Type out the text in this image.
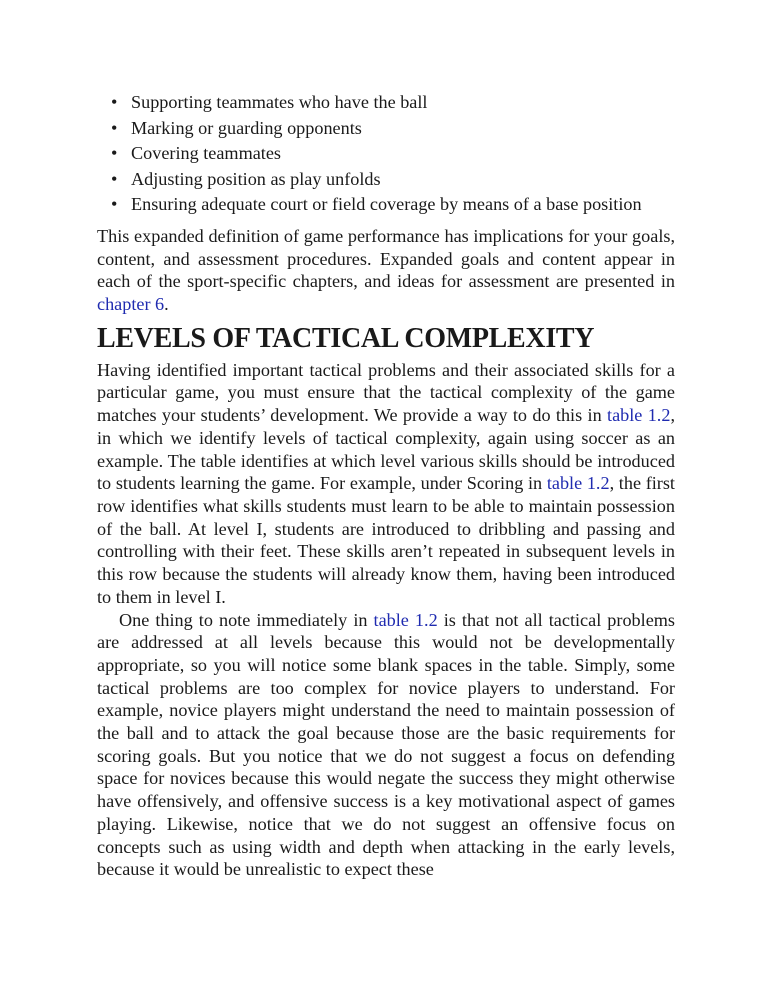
• Supporting teammates who have the ball
• Marking or guarding opponents
• Covering teammates
• Adjusting position as play unfolds
• Ensuring adequate court or field coverage by means of a base position

This expanded definition of game performance has implications for your goals, content, and assessment procedures. Expanded goals and content appear in each of the sport-specific chapters, and ideas for assessment are presented in chapter 6.

LEVELS OF TACTICAL COMPLEXITY

Having identified important tactical problems and their associated skills for a particular game, you must ensure that the tactical complexity of the game matches your students’ development. We provide a way to do this in table 1.2, in which we identify levels of tactical complexity, again using soccer as an example. The table identifies at which level various skills should be introduced to students learning the game. For example, under Scoring in table 1.2, the first row identifies what skills students must learn to be able to maintain possession of the ball. At level I, students are introduced to dribbling and passing and controlling with their feet. These skills aren’t repeated in subsequent levels in this row because the students will already know them, having been introduced to them in level I.

One thing to note immediately in table 1.2 is that not all tactical problems are addressed at all levels because this would not be developmentally appropriate, so you will notice some blank spaces in the table. Simply, some tactical problems are too complex for novice players to understand. For example, novice players might understand the need to maintain possession of the ball and to attack the goal because those are the basic requirements for scoring goals. But you notice that we do not suggest a focus on defending space for novices because this would negate the success they might otherwise have offensively, and offensive success is a key motivational aspect of games playing. Likewise, notice that we do not suggest an offensive focus on concepts such as using width and depth when attacking in the early levels, because it would be unrealistic to expect these
